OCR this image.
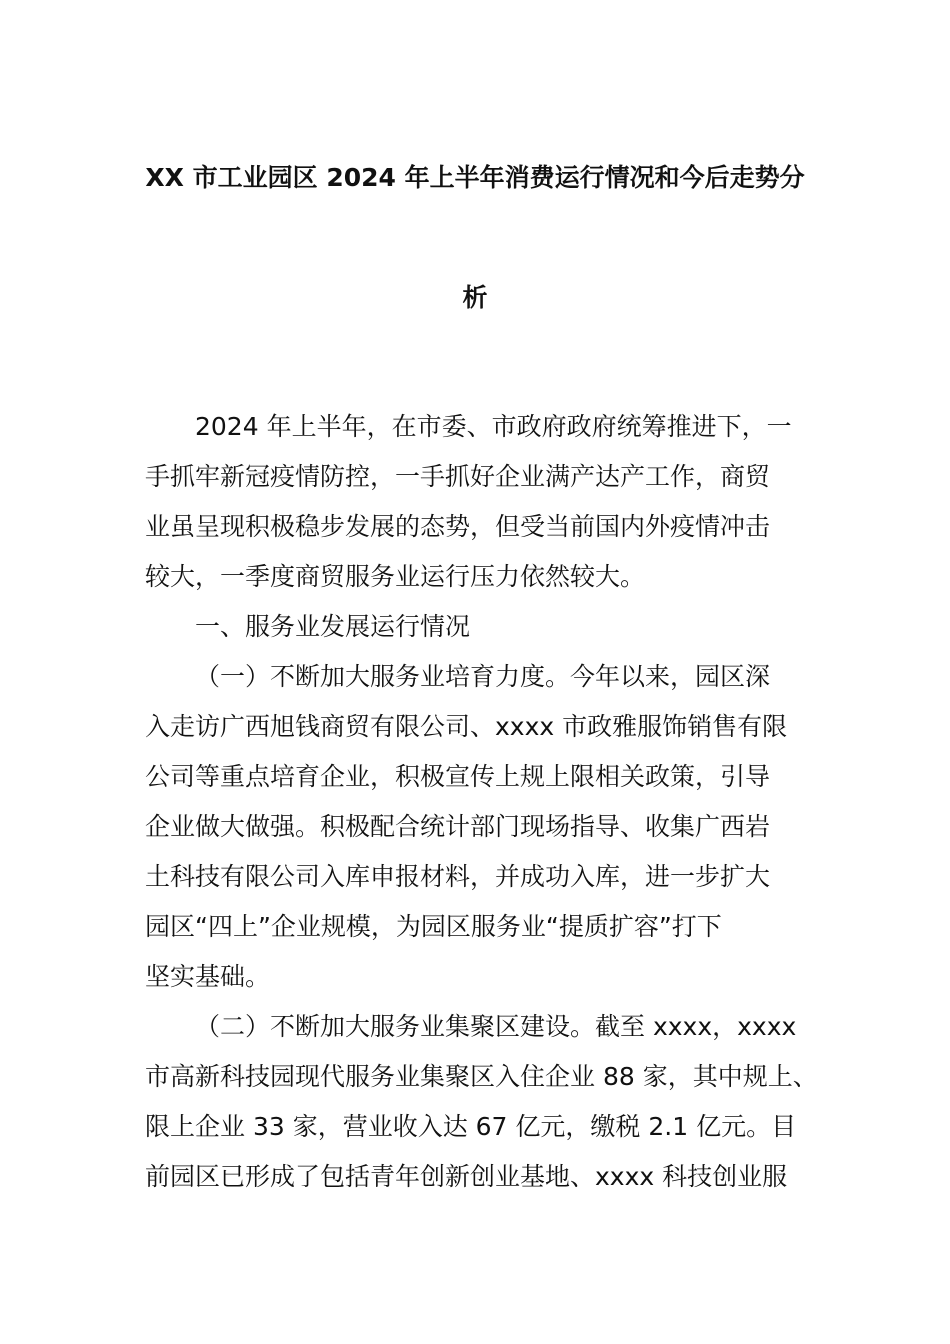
XX 市工业园区 2024 年上半年消费运行情况和今后走势分
析
2024 年上半年，在市委、市政府政府统筹推进下，一
手抓牢新冠疫情防控，一手抓好企业满产达产工作，商贸
业虽呈现积极稳步发展的态势，但受当前国内外疫情冲击
较大，一季度商贸服务业运行压力依然较大。
一、服务业发展运行情况
（一）不断加大服务业培育力度。今年以来，园区深
入走访广西旭钱商贸有限公司、xxxx 市政雅服饰销售有限
公司等重点培育企业，积极宣传上规上限相关政策，引导
企业做大做强。积极配合统计部门现场指导、收集广西岩
土科技有限公司入库申报材料，并成功入库，进一步扩大
园区“四上”企业规模，为园区服务业“提质扩容”打下
坚实基础。
（二）不断加大服务业集聚区建设。截至 xxxx，xxxx
市高新科技园现代服务业集聚区入住企业 88 家，其中规上、
限上企业 33 家，营业收入达 67 亿元，缴税 2.1 亿元。目
前园区已形成了包括青年创新创业基地、xxxx 科技创业服
